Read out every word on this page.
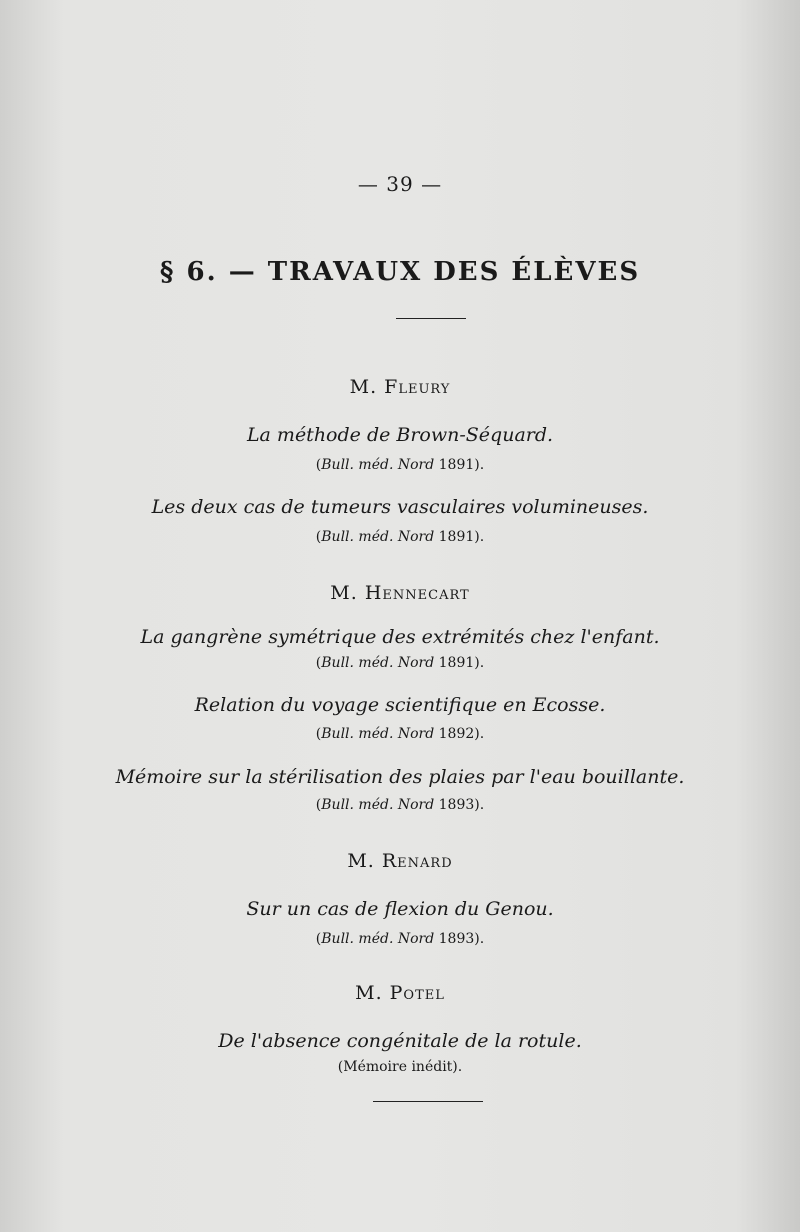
— 39 —
§ 6. — TRAVAUX DES ÉLÈVES
M. Fleury
La méthode de Brown-Séquard.
(Bull. méd. Nord 1891).
Les deux cas de tumeurs vasculaires volumineuses.
(Bull. méd. Nord 1891).
M. Hennecart
La gangrène symétrique des extrémités chez l'enfant.
(Bull. méd. Nord 1891).
Relation du voyage scientifique en Ecosse.
(Bull. méd. Nord 1892).
Mémoire sur la stérilisation des plaies par l'eau bouillante.
(Bull. méd. Nord 1893).
M. Renard
Sur un cas de flexion du Genou.
(Bull. méd. Nord 1893).
M. Potel
De l'absence congénitale de la rotule.
(Mémoire inédit).
